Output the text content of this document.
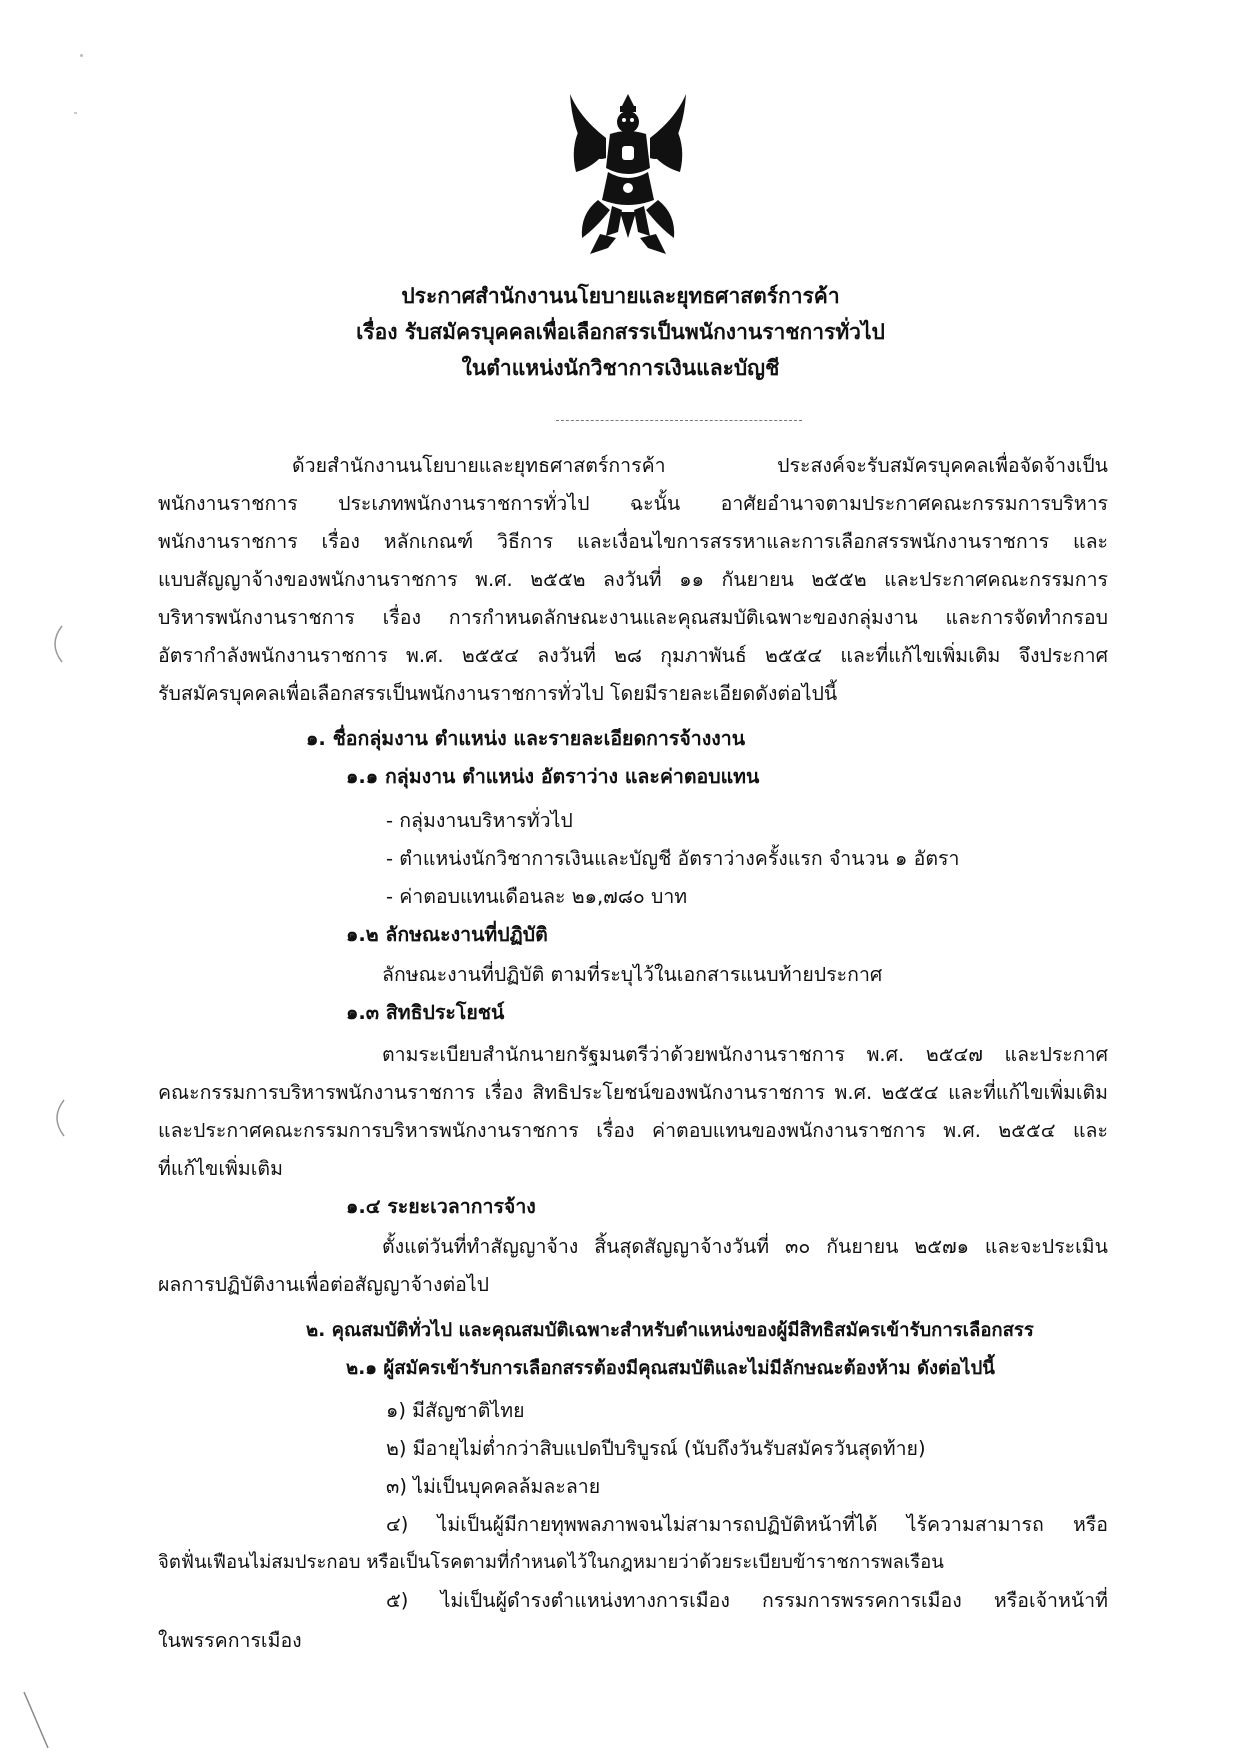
ประกาศสำนักงานนโยบายและยุทธศาสตร์การค้า
เรื่อง รับสมัครบุคคลเพื่อเลือกสรรเป็นพนักงานราชการทั่วไป
ในตำแหน่งนักวิชาการเงินและบัญชี
ด้วยสำนักงานนโยบายและยุทธศาสตร์การค้า ประสงค์จะรับสมัครบุคคลเพื่อจัดจ้างเป็น
พนักงานราชการ ประเภทพนักงานราชการทั่วไป ฉะนั้น อาศัยอำนาจตามประกาศคณะกรรมการบริหาร
พนักงานราชการ เรื่อง หลักเกณฑ์ วิธีการ และเงื่อนไขการสรรหาและการเลือกสรรพนักงานราชการ และ
แบบสัญญาจ้างของพนักงานราชการ พ.ศ. ๒๕๕๒ ลงวันที่ ๑๑ กันยายน ๒๕๕๒ และประกาศคณะกรรมการ
บริหารพนักงานราชการ เรื่อง การกำหนดลักษณะงานและคุณสมบัติเฉพาะของกลุ่มงาน และการจัดทำกรอบ
อัตรากำลังพนักงานราชการ พ.ศ. ๒๕๕๔ ลงวันที่ ๒๘ กุมภาพันธ์ ๒๕๕๔ และที่แก้ไขเพิ่มเติม จึงประกาศ
รับสมัครบุคคลเพื่อเลือกสรรเป็นพนักงานราชการทั่วไป โดยมีรายละเอียดดังต่อไปนี้
๑. ชื่อกลุ่มงาน ตำแหน่ง และรายละเอียดการจ้างงาน
๑.๑ กลุ่มงาน ตำแหน่ง อัตราว่าง และค่าตอบแทน
- กลุ่มงานบริหารทั่วไป
- ตำแหน่งนักวิชาการเงินและบัญชี อัตราว่างครั้งแรก จำนวน ๑ อัตรา
- ค่าตอบแทนเดือนละ ๒๑,๗๘๐ บาท
๑.๒ ลักษณะงานที่ปฏิบัติ
ลักษณะงานที่ปฏิบัติ ตามที่ระบุไว้ในเอกสารแนบท้ายประกาศ
๑.๓ สิทธิประโยชน์
ตามระเบียบสำนักนายกรัฐมนตรีว่าด้วยพนักงานราชการ พ.ศ. ๒๕๔๗ และประกาศ
คณะกรรมการบริหารพนักงานราชการ เรื่อง สิทธิประโยชน์ของพนักงานราชการ พ.ศ. ๒๕๕๔ และที่แก้ไขเพิ่มเติม
และประกาศคณะกรรมการบริหารพนักงานราชการ เรื่อง ค่าตอบแทนของพนักงานราชการ พ.ศ. ๒๕๕๔ และ
ที่แก้ไขเพิ่มเติม
๑.๔ ระยะเวลาการจ้าง
ตั้งแต่วันที่ทำสัญญาจ้าง สิ้นสุดสัญญาจ้างวันที่ ๓๐ กันยายน ๒๕๗๑ และจะประเมิน
ผลการปฏิบัติงานเพื่อต่อสัญญาจ้างต่อไป
๒. คุณสมบัติทั่วไป และคุณสมบัติเฉพาะสำหรับตำแหน่งของผู้มีสิทธิสมัครเข้ารับการเลือกสรร
๒.๑ ผู้สมัครเข้ารับการเลือกสรรต้องมีคุณสมบัติและไม่มีลักษณะต้องห้าม ดังต่อไปนี้
๑) มีสัญชาติไทย
๒) มีอายุไม่ต่ำกว่าสิบแปดปีบริบูรณ์ (นับถึงวันรับสมัครวันสุดท้าย)
๓) ไม่เป็นบุคคลล้มละลาย
๔) ไม่เป็นผู้มีกายทุพพลภาพจนไม่สามารถปฏิบัติหน้าที่ได้ ไร้ความสามารถ หรือ
จิตฟั่นเฟือนไม่สมประกอบ หรือเป็นโรคตามที่กำหนดไว้ในกฎหมายว่าด้วยระเบียบข้าราชการพลเรือน
๕) ไม่เป็นผู้ดำรงตำแหน่งทางการเมือง กรรมการพรรคการเมือง หรือเจ้าหน้าที่
ในพรรคการเมือง
